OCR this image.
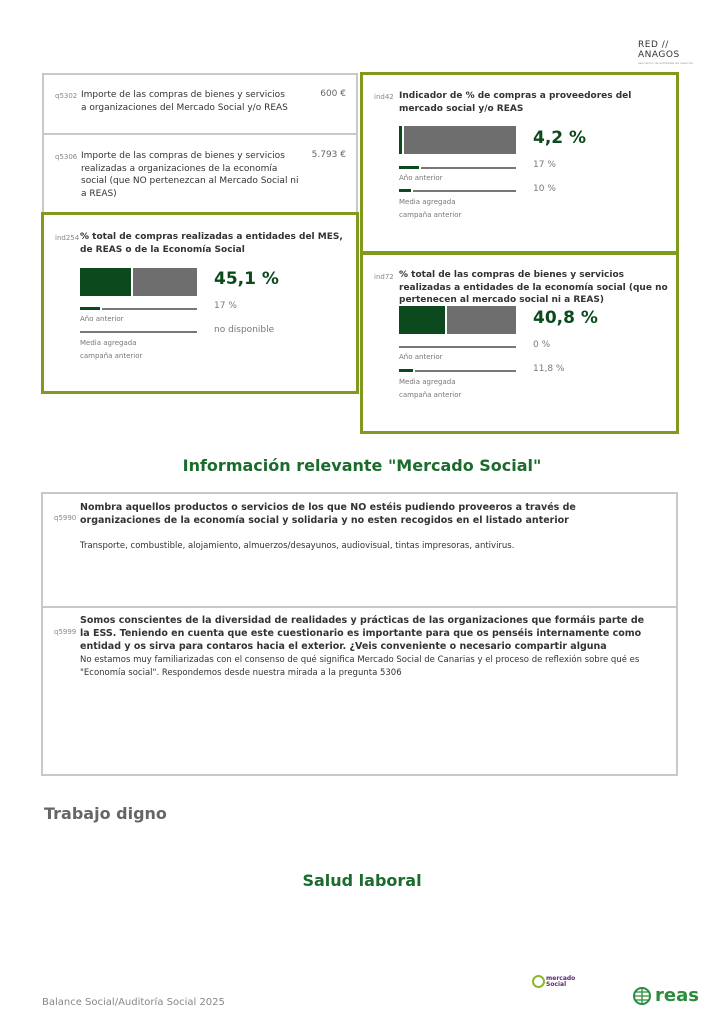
RED // ANAGOS
asociación de entidades de inserción
q5302 Importe de las compras de bienes y servicios a organizaciones del Mercado Social y/o REAS
600 €
q5306 Importe de las compras de bienes y servicios realizadas a organizaciones de la economía social (que NO pertenezcan al Mercado Social ni a REAS)
5.793 €
ind254 % total de compras realizadas a entidades del MES, de REAS o de la Economía Social
45,1 %
17 %
Año anterior
no disponible
Media agregada
campaña anterior
ind42 Indicador de % de compras a proveedores del mercado social y/o REAS
4,2 %
17 %
Año anterior
10 %
Media agregada
campaña anterior
ind72 % total de las compras de bienes y servicios realizadas a entidades de la economía social (que no pertenecen al mercado social ni a REAS)
40,8 %
0 %
Año anterior
11,8 %
Media agregada
campaña anterior
Información relevante "Mercado Social"
q5990
Nombra aquellos productos o servicios de los que NO estéis pudiendo proveeros a través de organizaciones de la economía social y solidaria y no esten recogidos en el listado anterior
Transporte, combustible, alojamiento, almuerzos/desayunos, audiovisual, tintas impresoras, antivirus.
q5999
Somos conscientes de la diversidad de realidades y prácticas de las organizaciones que formáis parte de la ESS. Teniendo en cuenta que este cuestionario es importante para que os penséis internamente como entidad y os sirva para contaros hacia el exterior. ¿Veis conveniente o necesario compartir alguna
No estamos muy familiarizadas con el consenso de qué significa Mercado Social de Canarias y el proceso de reflexión sobre qué es "Economía social". Respondemos desde nuestra mirada a la pregunta 5306
Trabajo digno
Salud laboral
Balance Social/Auditoría Social 2025
mercado Social
reas
